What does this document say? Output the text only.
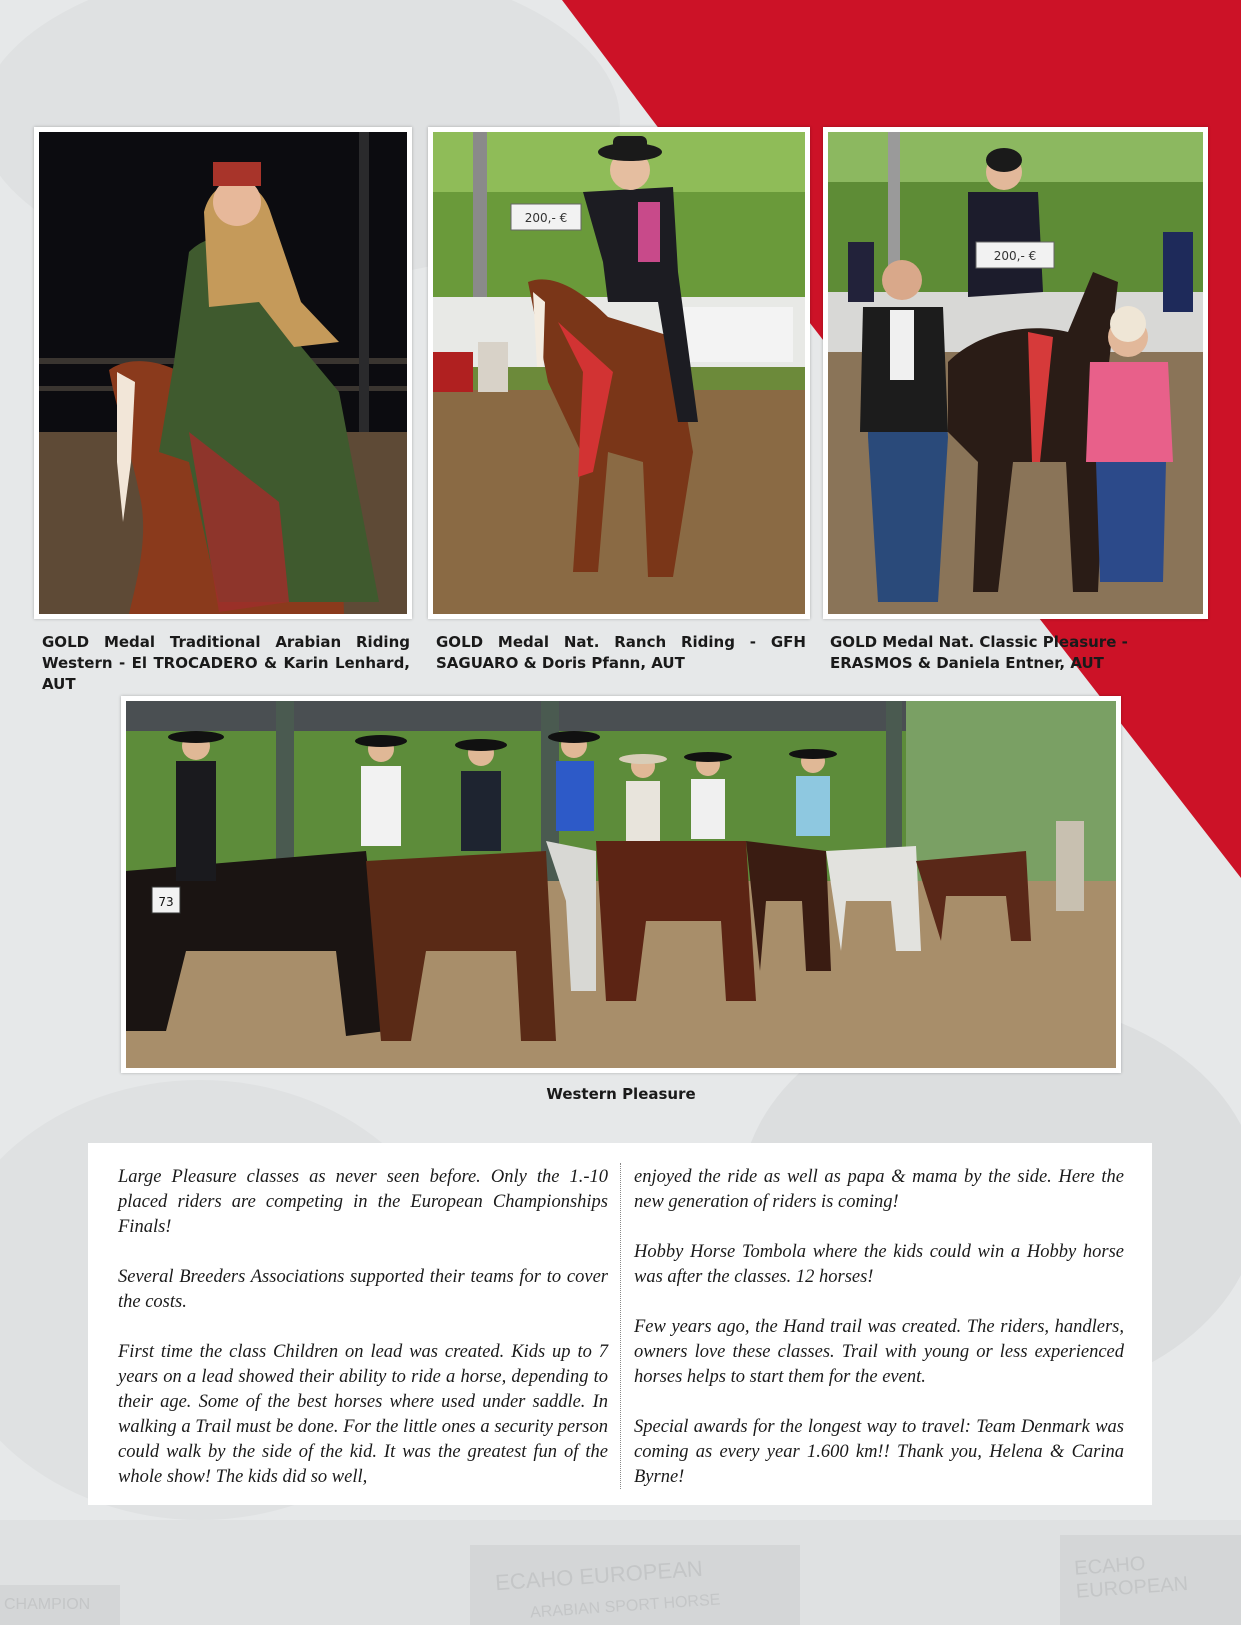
ECAHO EUROPEAN
ARABIAN SPORT HORSE
ECAHO EUROPEAN
CHAMPION
GOLD Medal Traditional Arabian Riding Western - El TROCADERO & Karin Lenhard, AUT
200,- €
GOLD Medal Nat. Ranch Riding - GFH SAGUARO & Doris Pfann, AUT
200,- €
GOLD Medal Nat. Classic Pleasure - ERASMOS & Daniela Entner, AUT
73
Western Pleasure

Large Pleasure classes as never seen before. Only the 1.-10 placed riders are competing in the European Championships Finals!

Several Breeders Associations supported their teams for to cover the costs.

First time the class Children on lead was created. Kids up to 7 years on a lead showed their ability to ride a horse, depending to their age. Some of the best horses where used under saddle. In walking a Trail must be done. For the little ones a security person could walk by the side of the kid. It was the greatest fun of the whole show! The kids did so well,

enjoyed the ride as well as papa & mama by the side. Here the new generation of riders is coming!

Hobby Horse Tombola where the kids could win a Hobby horse was after the classes. 12 horses!

Few years ago, the Hand trail was created. The riders, handlers, owners love these classes. Trail with young or less experienced horses helps to start them for the event.

Special awards for the longest way to travel: Team Denmark was coming as every year 1.600 km!! Thank you, Helena & Carina Byrne!
